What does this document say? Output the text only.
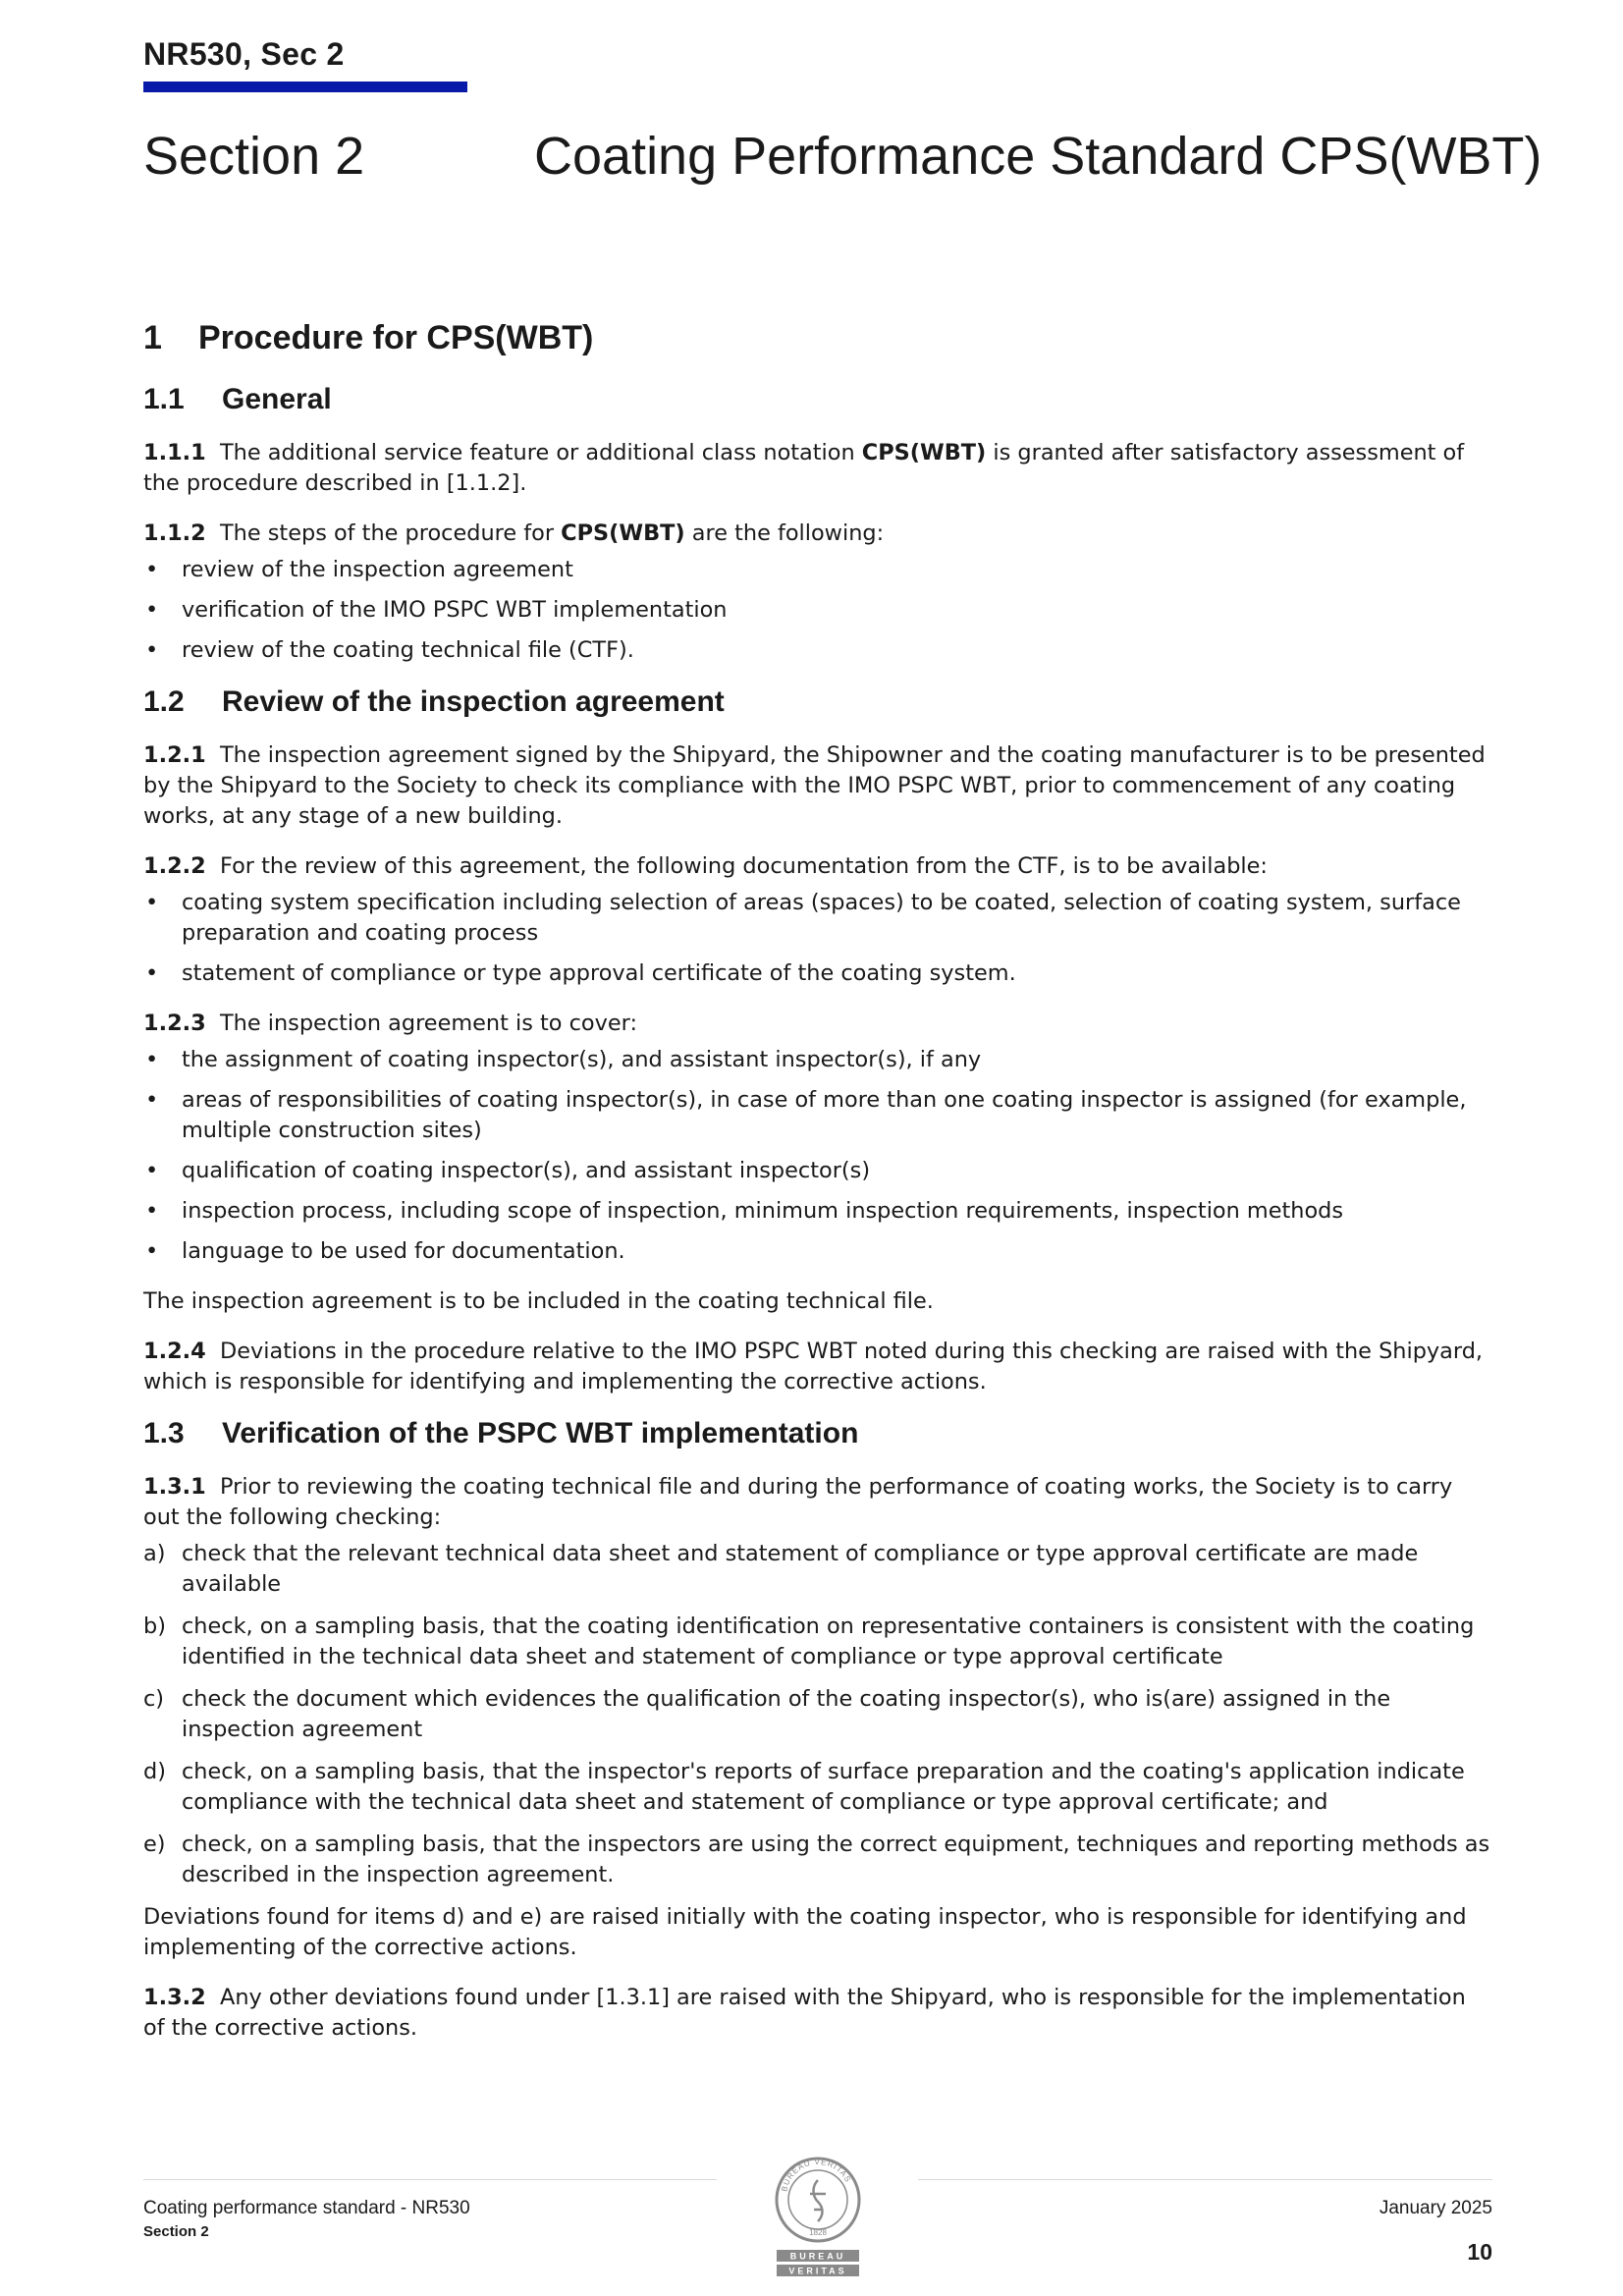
NR530, Sec 2
Section 2	Coating Performance Standard CPS(WBT)
1 Procedure for CPS(WBT)
1.1 General

1.1.1 The additional service feature or additional class notation CPS(WBT) is granted after satisfactory assessment of the procedure described in [1.1.2].

1.1.2 The steps of the procedure for CPS(WBT) are the following:

• review of the inspection agreement
• verification of the IMO PSPC WBT implementation
• review of the coating technical file (CTF).
1.2 Review of the inspection agreement

1.2.1 The inspection agreement signed by the Shipyard, the Shipowner and the coating manufacturer is to be presented by the Shipyard to the Society to check its compliance with the IMO PSPC WBT, prior to commencement of any coating works, at any stage of a new building.

1.2.2 For the review of this agreement, the following documentation from the CTF, is to be available:

• coating system specification including selection of areas (spaces) to be coated, selection of coating system, surface preparation and coating process
• statement of compliance or type approval certificate of the coating system.

1.2.3 The inspection agreement is to cover:

• the assignment of coating inspector(s), and assistant inspector(s), if any
• areas of responsibilities of coating inspector(s), in case of more than one coating inspector is assigned (for example, multiple construction sites)
• qualification of coating inspector(s), and assistant inspector(s)
• inspection process, including scope of inspection, minimum inspection requirements, inspection methods
• language to be used for documentation.

The inspection agreement is to be included in the coating technical file.

1.2.4 Deviations in the procedure relative to the IMO PSPC WBT noted during this checking are raised with the Shipyard, which is responsible for identifying and implementing the corrective actions.

1.3 Verification of the PSPC WBT implementation

1.3.1 Prior to reviewing the coating technical file and during the performance of coating works, the Society is to carry out the following checking:

a) check that the relevant technical data sheet and statement of compliance or type approval certificate are made available
b) check, on a sampling basis, that the coating identification on representative containers is consistent with the coating identified in the technical data sheet and statement of compliance or type approval certificate
c) check the document which evidences the qualification of the coating inspector(s), who is(are) assigned in the inspection agreement
d) check, on a sampling basis, that the inspector's reports of surface preparation and the coating's application indicate compliance with the technical data sheet and statement of compliance or type approval certificate; and
e) check, on a sampling basis, that the inspectors are using the correct equipment, techniques and reporting methods as described in the inspection agreement.

Deviations found for items d) and e) are raised initially with the coating inspector, who is responsible for identifying and implementing of the corrective actions.

1.3.2 Any other deviations found under [1.3.1] are raised with the Shipyard, who is responsible for the implementation of the corrective actions.

Coating performance standard - NR530
Section 2
January 2025
10
BUREAU VERITAS
1828
BUREAU
VERITAS
